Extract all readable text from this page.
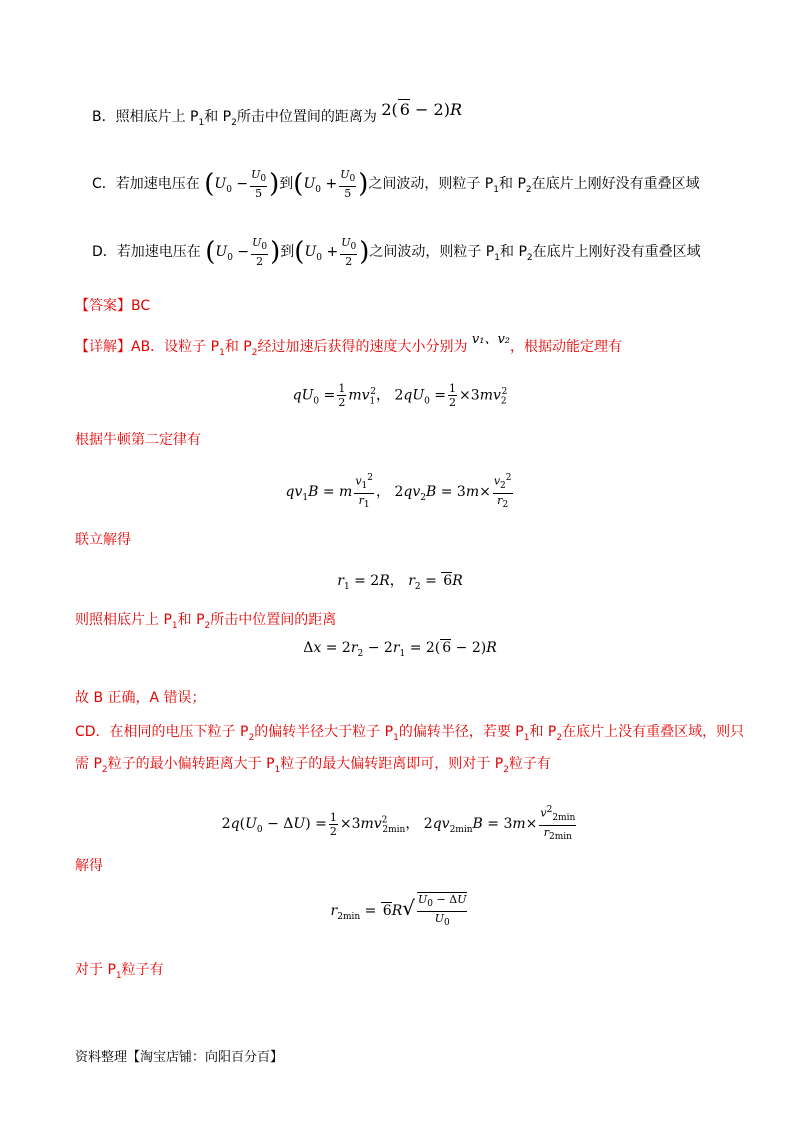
B．照相底片上 $P_1$和 $P_2$所击中位置间的距离为 2( 6 − 2)R
C．若加速电压在 ($U_0 - \frac{U_0}{5}$ )到($U_0 + \frac{U_0}{5}$ )之间波动，则粒子 $P_1$和 $P_2$在底片上刚好没有重叠区域
D．若加速电压在 ($U_0 - \frac{U_0}{2}$ )到($U_0 + \frac{U_0}{2}$ )之间波动，则粒子 $P_1$和 $P_2$在底片上刚好没有重叠区域
【答案】BC
【详解】AB．设粒子 $P_1$和 $P_2$经过加速后获得的速度大小分别为 v₁、v₂，根据动能定理有
$qU_0 = \frac{1}{2} mv_1^2$， $2qU_0 = \frac{1}{2} \times 3mv_2^2$
根据牛顿第二定律有
$qv_1B = m \frac{v_1^2}{r_1}$ ， $2qv_2B = 3m\times \frac{v_2^2}{r_2}$
联立解得
$r_1 = 2R$， $r_2 = 6R$
则照相底片上 $P_1$和 $P_2$所击中位置间的距离
$\Delta x = 2r_2 - 2r_1 = 2$( 6 − 2)R
故 B 正确，A 错误；
CD．在相同的电压下粒子 $P_2$的偏转半径大于粒子 $P_1$的偏转半径，若要 $P_1$和 $P_2$在底片上没有重叠区域，则只
需 $P_2$粒子的最小偏转距离大于 $P_1$粒子的最大偏转距离即可，则对于 $P_2$粒子有
$2q(U_0 - \Delta U) = \frac{1}{2} \times 3mv^2_{2min}$， $2qv_{2min}B = 3m\times \frac{v^2_{2min}}{r_{2min}}$
解得
$r_{2min} = 6R√ \frac{U_0 - \Delta U}{U_0}$
对于 $P_1$粒子有
资料整理【淘宝店铺：向阳百分百】
